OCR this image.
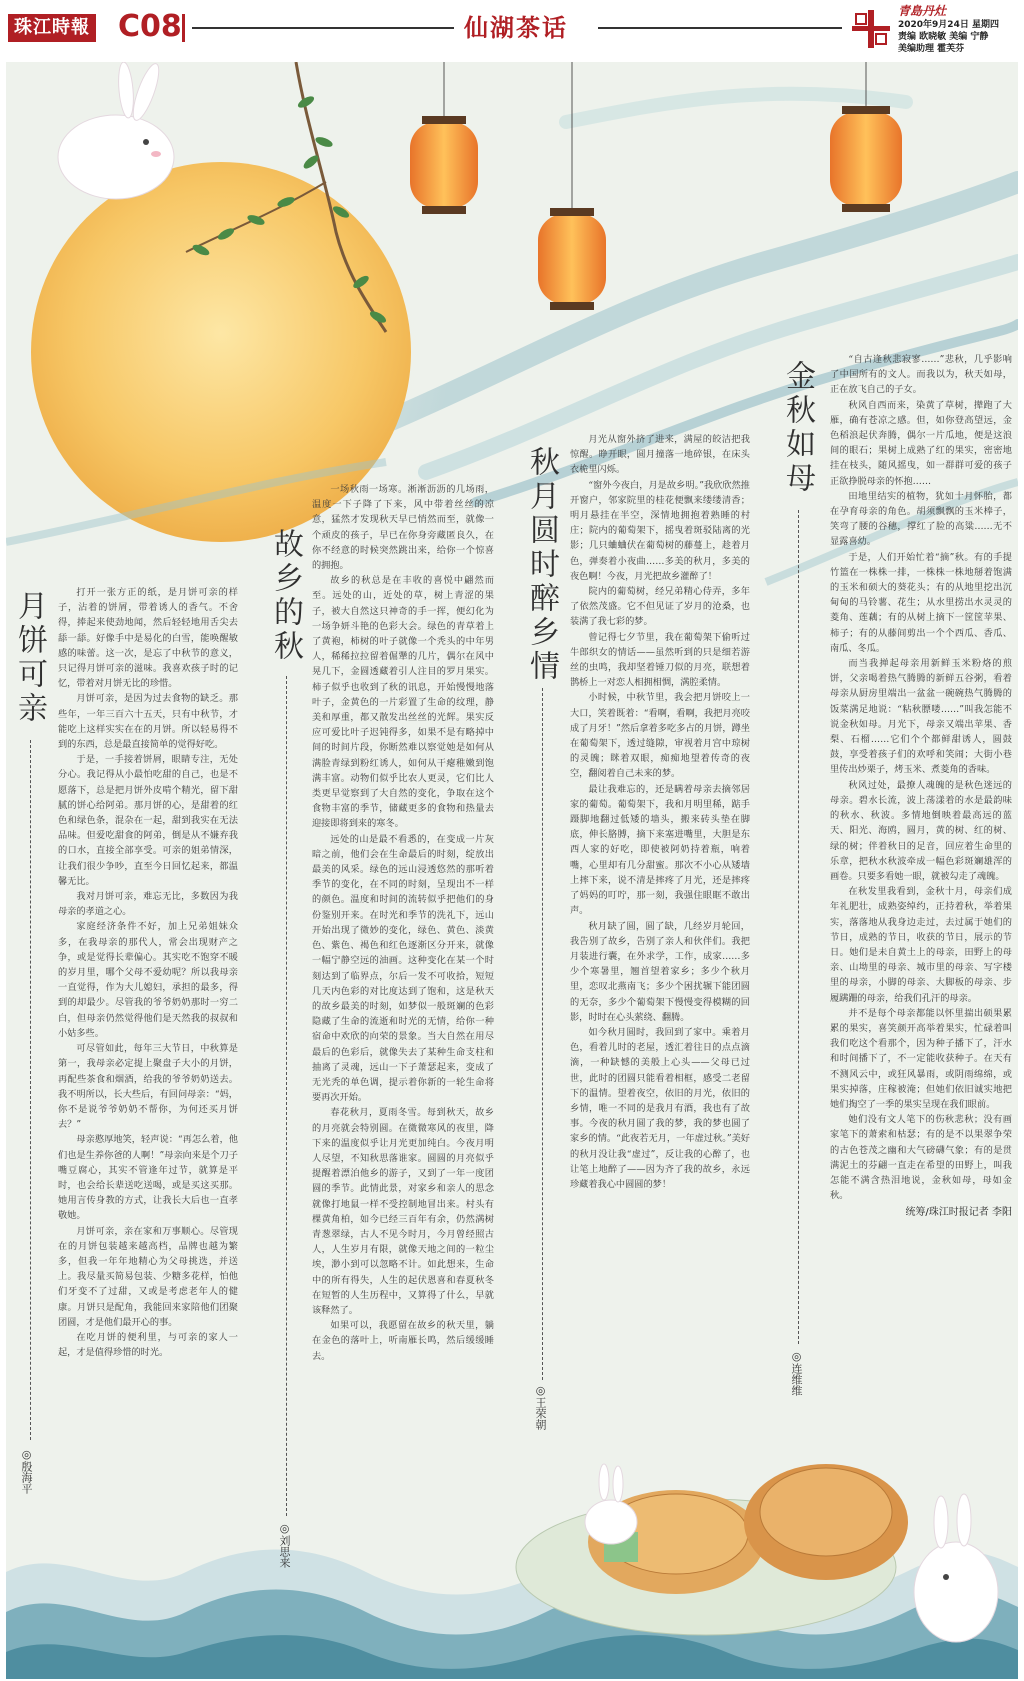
珠江時報 C08	仙湖茶话
青島丹灶
2020年9月24日 星期四
责编 欧晓敏 美编 宁静
美编助理 霍芙芬
月饼可亲
◎殷海平

打开一张方正的纸，是月饼可亲的样子，沾着的饼屑，带着诱人的香气。不舍得，捧起来使劲地闻，然后轻轻地用舌尖去舔一舔。好像手中是易化的白雪，能唤醒敏感的味蕾。这一次，是忘了中秋节的意义，只记得月饼可亲的滋味。我喜欢孩子时的记忆，带着对月饼无比的珍惜。

月饼可亲，是因为过去食物的缺乏。那些年，一年三百六十五天，只有中秋节，才能吃上这样实实在在的月饼。所以轻易得不到的东西，总是最直接简单的觉得好吃。

于是，一手接着饼屑，眼睛专注，无处分心。我记得从小最怕吃甜的自己，也是不愿落下，总是把月饼外皮啃个精光，留下甜腻的饼心给阿弟。那月饼的心，是甜着的红色和绿色条，混杂在一起，甜到我实在无法品味。但爱吃甜食的阿弟，倒是从不嫌弃我的口水，直接全部享受。可亲的姐弟情深，让我们很少争吵，直至今日回忆起来，都温馨无比。

我对月饼可亲，难忘无比，多数因为我母亲的孝道之心。

家庭经济条件不好，加上兄弟姐妹众多，在我母亲的那代人，常会出现财产之争，或是觉得长辈偏心。其实吃不饱穿不暖的岁月里，哪个父母不爱幼呢？所以我母亲一直觉得，作为大儿媳妇，承担的最多，得到的却最少。尽管我的爷爷奶奶那时一穷二白，但母亲仍然觉得他们是天然我的叔叔和小姑多些。

可尽管如此，每年三大节日，中秋算是第一，我母亲必定提上聚盘子大小的月饼，再配些茶食和烟酒，给我的爷爷奶奶送去。我不明所以，长大些后，有回问母亲：“妈，你不是说爷爷奶奶不帮你，为何还买月饼去？”

母亲憨厚地笑，轻声说：“再怎么着，他们也是生养你爸的人啊！”母亲向来是个刀子嘴豆腐心，其实不管逢年过节，就算是平时，也会给长辈送吃送喝，或是买这买那。她用言传身教的方式，让我长大后也一直孝敬她。

月饼可亲，亲在家和万事顺心。尽管现在的月饼包装越来越高档，品牌也越为繁多，但我一年年地精心为父母挑选，并送上。我尽量买简易包装、少糖多花样，怕他们牙变不了过甜，又或是考虑老年人的健康。月饼只是配角，我能回来家陪他们团聚团圆，才是他们最开心的事。

在吃月饼的便利里，与可亲的家人一起，才是值得珍惜的时光。

故乡的秋
◎刘思来

一场秋雨一场寒。淅淅沥沥的几场雨，温度一下子降了下来，风中带着丝丝的凉意，猛然才发现秋天早已悄然而至，就像一个顽皮的孩子，早已在你身旁藏匿良久，在你不经意的时候突然跳出来，给你一个惊喜的拥抱。

故乡的秋总是在丰收的喜悦中翩然而至。远处的山，近处的草，树上青涩的果子，被大自然这只神奇的手一挥，便幻化为一场争妍斗艳的色彩大会。绿色的青草着上了黄袍，柿树的叶子就像一个秃头的中年男人，稀稀拉拉留着倔犟的几片，偶尔在风中晃几下，金圆透藏着引人注目的罗月果实。柿子似乎也收到了秋的讯息，开始慢慢地落叶子，金黄色的一片彩置了生命的纹理，静美和厚重，都又散发出丝丝的光辉。果实反应可爱比叶子迟钝得多，如果不是有略掉中间的时间片段，你断然难以察觉她是如何从满脸青绿到粉红诱人，如何从干瘪稚嫩到饱满丰富。动物们似乎比农人更灵，它们比人类更早觉察到了大自然的变化，争取在这个食物丰富的季节，储藏更多的食物和热量去迎接即将到来的寒冬。

远处的山是最不看悉的，在变成一片灰暗之前，他们会在生命最后的时刻，绽放出最美的风采。绿色的远山浸透悠然的那听着季节的变化，在不同的时刻，呈现出不一样的颜色。温度和时间的流转似乎把他们的身份鉴别开来。在时光和季节的洗礼下，远山开始出现了微妙的变化，绿色、黄色、淡黄色、紫色、褐色和红色逐渐区分开来，就像一幅宁静空远的油画。这种变化在某一个时刻达到了临界点，尔后一发不可收拾，短短几天内色彩的对比度达到了饱和，这是秋天的故乡最美的时刻，如梦似一般斑斓的色彩隐藏了生命的流逝和时光的无情，给你一种宿命中欢欣的向荣的景象。当大自然在用尽最后的色彩后，就像失去了某种生命支柱和抽离了灵魂，远山一下子萧瑟起来，变成了无光秃的单色调，提示着你新的一轮生命将要再次开始。

春花秋月，夏雨冬雪。每到秋天，故乡的月亮就会特别圆。在微微寒风的夜里，降下来的温度似乎让月光更加纯白。今夜月明人尽望，不知秋思落谁家。圆圆的月亮似乎提醒着漂泊他乡的游子，又到了一年一度团圆的季节。此情此景，对家乡和亲人的思念就像打地鼠一样不受控制地冒出来。村头有棵黄角柏，如今已经三百年有余，仍然满树青葱翠绿，古人不见今时月，今月曾经照古人，人生岁月有限，就像天地之间的一粒尘埃，渺小到可以忽略不计。如此想来，生命中的所有得失，人生的起伏恩喜和春夏秋冬在短暂的人生历程中，又算得了什么，早就该释然了。

如果可以，我愿留在故乡的秋天里，躺在金色的落叶上，听南雁长鸣，然后缓缓睡去。

秋月圆时醉乡情
◎王荣朝

月光从窗外挤了进来，满屋的皎洁把我惊醒。睁开眼，圆月撞落一地碎银，在床头衣桅里闪烁。

“窗外今夜白，月是故乡明。”我欣欣然推开窗户，邻家院里的桂花便飘来缕缕清香；明月悬挂在半空，深情地拥抱着熟睡的村庄；院内的葡萄架下，摇曳着斑驳陆离的光影；几只蛐蛐伏在葡萄树的藤蔓上，趁着月色，弹奏着小夜曲……多美的秋月，多美的夜色啊！今夜，月光把故乡灌醉了！

院内的葡萄树，经兄弟精心侍弄，多年了依然茂盛。它不但见证了岁月的沧桑，也装满了我七彩的梦。

曾记得七夕节里，我在葡萄架下偷听过牛郎织女的情话——虽然听到的只是细若游丝的虫鸣，我却坚着锤刀似的月亮，联想着鹊桥上一对恋人相拥相惆，满腔柔情。

小时候，中秋节里，我会把月饼咬上一大口，笑着既着：“看啊，看啊，我把月亮咬成了月牙！”然后拿着多吃多占的月饼，蹲坐在葡萄架下，透过缝隙，审视着月宫中琼树的灵魄；眯着双眼，痴痴地望着传奇的夜空，翻阅着自己未来的梦。

最让我难忘的，还是瞒着母亲去摘邻居家的葡萄。葡萄架下，我和月明里稀，踮手蹑脚地翻过低矮的墙头，搬来砖头垫在脚底，伸长胳膊，摘下来塞进嘴里，大胆是东西人家的好吃，即使被阿奶持着瓶，响着嘴，心里却有几分甜蜜。那次不小心从矮墙上摔下来，说不清是摔疼了月光，还是摔疼了妈妈的叮咛，那一刻，我强住眼眶不敢出声。

秋月缺了圆，圆了缺，几经岁月轮回，我告别了故乡，告别了亲人和伙伴们。我把月装进行囊，在外求学，工作，成家……多少个寒暑里，翘首望着家乡；多少个秋月里，恋叹北燕南飞；多少个困扰辗下能团圆的无奈，多少个葡萄架下慢慢变得模糊的回影，时时在心头萦绕、翻腾。

如今秋月圆时，我回到了家中。乘着月色，看着儿时的老屋，透汇着往日的点点滴滴，一种缺憾的美般上心头——父母已过世，此时的团圆只能看着相框，感受二老留下的温情。望着夜空，依旧的月光，依旧的乡情，唯一不同的是我月有酒，我也有了故事。今夜的秋月圆了我的梦，我的梦也圆了家乡的情。“此夜若无月，一年虚过秋。”美好的秋月没让我“虚过”，反让我的心醉了，也让笔上地醉了——因为齐了我的故乡，永远珍藏着我心中圆圆的梦！

金秋如母
◎连维维

“自古逢秋悲寂寥……”悲秋，几乎影响了中国所有的文人。而我以为，秋天如母，正在放飞自己的子女。

秋风自西而来，染黄了草树，撵跑了大雁，确有苍凉之感。但，如你登高望远，金色稻浪起伏奔腾，偶尔一片瓜地，便是这浪间的眼石；果树上成熟了红的果实，密密地挂在枝头，随风摇曳，如一群群可爱的孩子正欲挣脱母亲的怀抱……

田地里结实的植物，犹如十月怀胎，都在孕育母亲的角色。胡须飘飘的玉米棒子，笑弯了腰的谷穗，撑红了脸的高粱……无不显露喜幼。

于是，人们开始忙着“摘”秋。有的手提竹篮在一株株一排，一株株一株地掰着饱满的玉米和硕大的葵花头；有的从地里挖出沉甸甸的马铃薯、花生；从水里捞出水灵灵的菱角、莲藕；有的从树上摘下一筐筐苹果、柿子；有的从藤间剪出一个个西瓜、香瓜、南瓜、冬瓜。

而当我掸起母亲用新鲜玉米粉烙的煎饼，父亲喝着热气腾腾的新鲜五谷粥，看着母亲从厨房里端出一盆盆一碗碗热气腾腾的饭菜满足地说：“粘秋膘喽……”叫我怎能不说金秋如母。月光下，母亲又端出苹果、香梨、石榴……它们个个都鲜甜诱人，圆鼓鼓，享受着孩子们的欢呼和笑闹；大街小巷里传出炒栗子，烤玉米、煮菱角的香味。

秋风过处，最撩人魂魄的是秋色迷远的母亲。碧水长流，波上荡漾着的水是最韵味的秋水、秋波。多情地倒映着最高远的蓝天、阳光、海鸥，圆月，黄的树、红的树、绿的树；伴着秋日的足音，回应着生命里的乐章，把秋水秋波牵成一幅色彩斑斓雄浑的画卷。只要多看她一眼，就被勾走了魂魄。

在秋发里我看到，金秋十月，母亲们成年礼肥壮，成熟姿绰约，正持着秋，举着果实，落落地从我身边走过，去过属于她们的节日，成熟的节日，收获的节日，展示的节日。她们是未自黄土上的母亲，田野上的母亲、山坳里的母亲、城市里的母亲、写字楼里的母亲，小脚的母亲、大脚板的母亲、步履蹒跚的母亲，给我们孔汗的母亲。

并不是每个母亲都能以怀里揣出硕果累累的果实，喜笑颜开高举着果实，忙碌着叫我们吃这个看那个，因为种子播下了，汗水和时间播下了，不一定能收获种子。在天有不测风云中，或狂风暴雨，或阴雨绵绵，或果实掉落，庄稼被淹；但她们依旧诚实地把她们掏空了一季的果实呈现在我们眼前。

她们没有文人笔下的伤秋悲秋；没有画家笔下的萧索和枯瑟；有的是不以果翠争荣的古色苍茂之幽和大气磅礴气象；有的是贯满泥土的芬翩一直走在希望的田野上，叫我怎能不满含热泪地说，金秋如母，母如金秋。

统筹/珠江时报记者 李阳
